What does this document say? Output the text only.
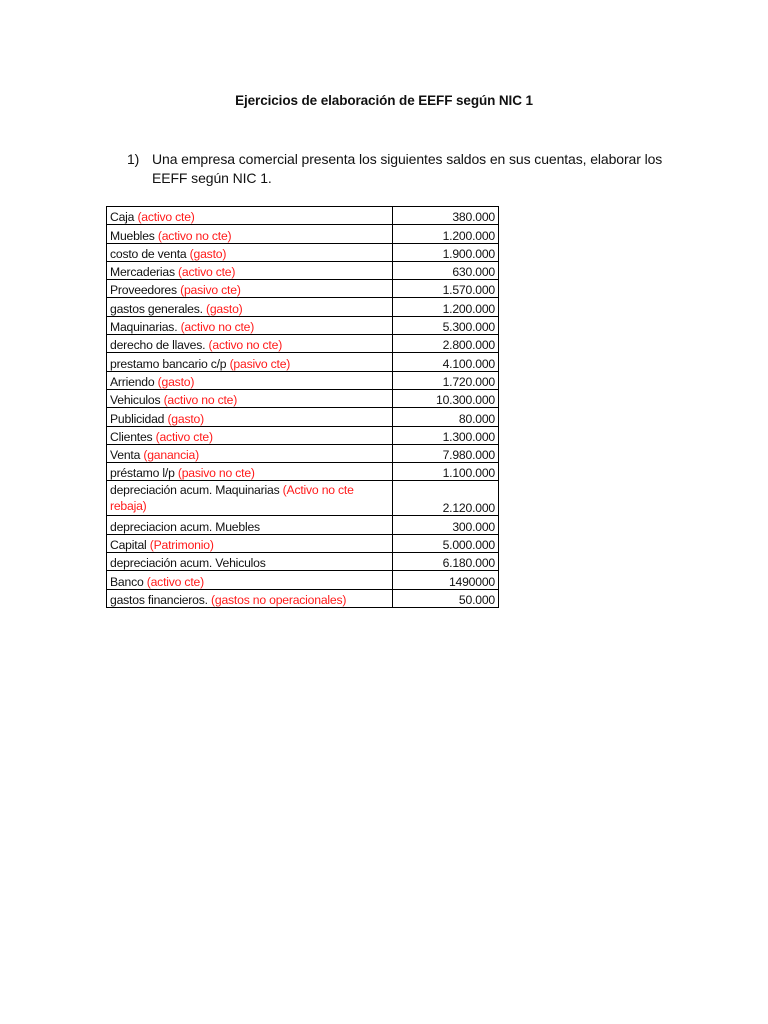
Ejercicios de elaboración de EEFF según NIC 1
1) Una empresa comercial presenta los siguientes saldos en sus cuentas, elaborar los EEFF según NIC 1.
Caja (activo cte)	380.000
Muebles (activo no cte)	1.200.000
costo de venta (gasto)	1.900.000
Mercaderias (activo cte)	630.000
Proveedores (pasivo cte)	1.570.000
gastos generales. (gasto)	1.200.000
Maquinarias. (activo no cte)	5.300.000
derecho de llaves. (activo no cte)	2.800.000
prestamo bancario c/p (pasivo cte)	4.100.000
Arriendo (gasto)	1.720.000
Vehiculos (activo no cte)	10.300.000
Publicidad (gasto)	80.000
Clientes (activo cte)	1.300.000
Venta (ganancia)	7.980.000
préstamo l/p (pasivo no cte)	1.100.000
depreciación acum. Maquinarias (Activo no cte rebaja)	2.120.000
depreciacion acum. Muebles	300.000
Capital (Patrimonio)	5.000.000
depreciación acum. Vehiculos	6.180.000
Banco (activo cte)	1490000
gastos financieros. (gastos no operacionales)	50.000
